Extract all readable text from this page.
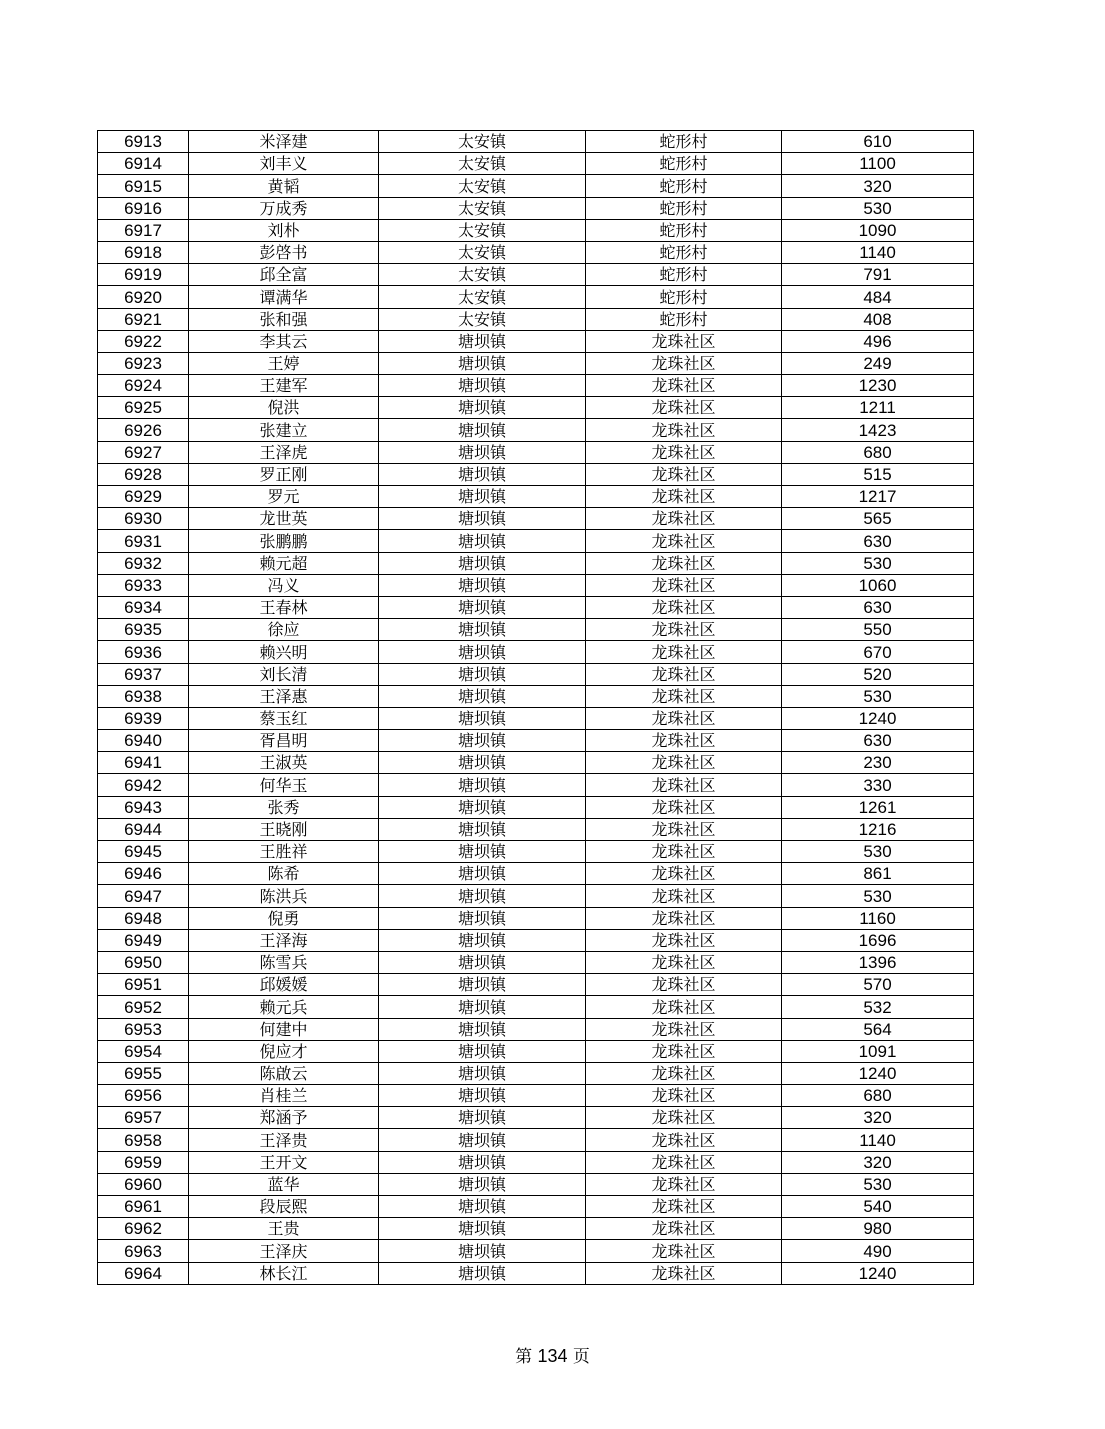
6913	米泽建	太安镇	蛇形村	610
6914	刘丰义	太安镇	蛇形村	1100
6915	黄韬	太安镇	蛇形村	320
6916	万成秀	太安镇	蛇形村	530
6917	刘朴	太安镇	蛇形村	1090
6918	彭啓书	太安镇	蛇形村	1140
6919	邱全富	太安镇	蛇形村	791
6920	谭满华	太安镇	蛇形村	484
6921	张和强	太安镇	蛇形村	408
6922	李其云	塘坝镇	龙珠社区	496
6923	王婷	塘坝镇	龙珠社区	249
6924	王建军	塘坝镇	龙珠社区	1230
6925	倪洪	塘坝镇	龙珠社区	1211
6926	张建立	塘坝镇	龙珠社区	1423
6927	王泽虎	塘坝镇	龙珠社区	680
6928	罗正刚	塘坝镇	龙珠社区	515
6929	罗元	塘坝镇	龙珠社区	1217
6930	龙世英	塘坝镇	龙珠社区	565
6931	张鹏鹏	塘坝镇	龙珠社区	630
6932	赖元超	塘坝镇	龙珠社区	530
6933	冯义	塘坝镇	龙珠社区	1060
6934	王春林	塘坝镇	龙珠社区	630
6935	徐应	塘坝镇	龙珠社区	550
6936	赖兴明	塘坝镇	龙珠社区	670
6937	刘长清	塘坝镇	龙珠社区	520
6938	王泽惠	塘坝镇	龙珠社区	530
6939	蔡玉红	塘坝镇	龙珠社区	1240
6940	胥昌明	塘坝镇	龙珠社区	630
6941	王淑英	塘坝镇	龙珠社区	230
6942	何华玉	塘坝镇	龙珠社区	330
6943	张秀	塘坝镇	龙珠社区	1261
6944	王晓刚	塘坝镇	龙珠社区	1216
6945	王胜祥	塘坝镇	龙珠社区	530
6946	陈希	塘坝镇	龙珠社区	861
6947	陈洪兵	塘坝镇	龙珠社区	530
6948	倪勇	塘坝镇	龙珠社区	1160
6949	王泽海	塘坝镇	龙珠社区	1696
6950	陈雪兵	塘坝镇	龙珠社区	1396
6951	邱媛媛	塘坝镇	龙珠社区	570
6952	赖元兵	塘坝镇	龙珠社区	532
6953	何建中	塘坝镇	龙珠社区	564
6954	倪应才	塘坝镇	龙珠社区	1091
6955	陈啟云	塘坝镇	龙珠社区	1240
6956	肖桂兰	塘坝镇	龙珠社区	680
6957	郑涵予	塘坝镇	龙珠社区	320
6958	王泽贵	塘坝镇	龙珠社区	1140
6959	王开文	塘坝镇	龙珠社区	320
6960	蓝华	塘坝镇	龙珠社区	530
6961	段辰熙	塘坝镇	龙珠社区	540
6962	王贵	塘坝镇	龙珠社区	980
6963	王泽庆	塘坝镇	龙珠社区	490
6964	林长江	塘坝镇	龙珠社区	1240
第 134 页
